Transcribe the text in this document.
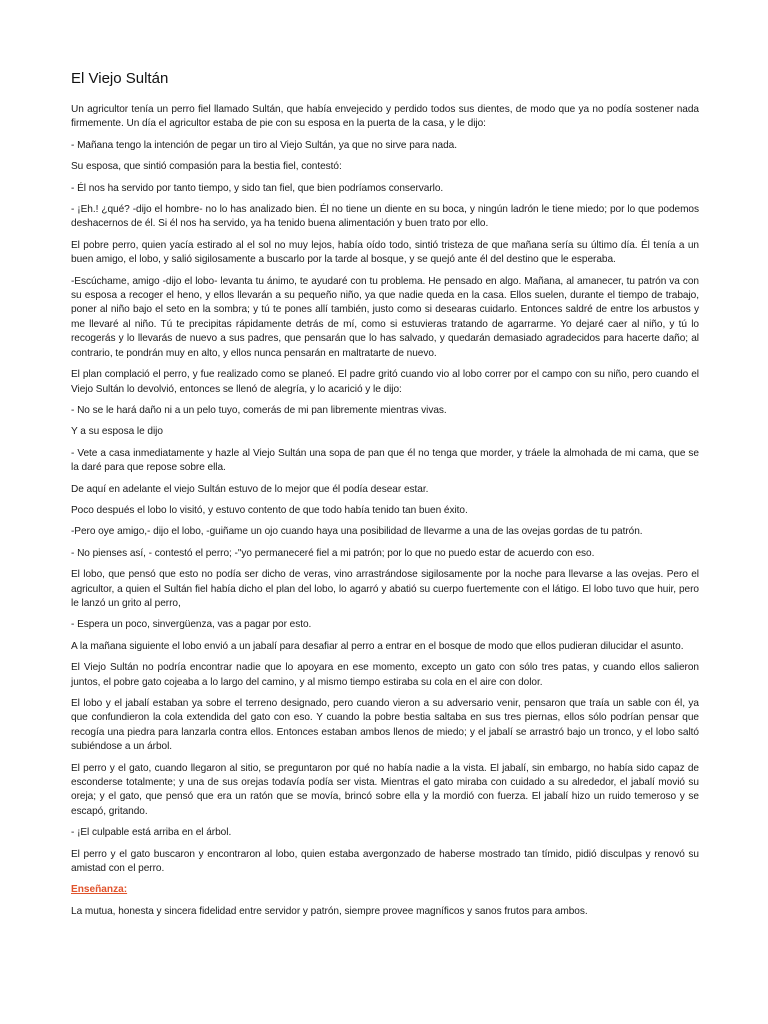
El Viejo Sultán

Un agricultor tenía un perro fiel llamado Sultán, que había envejecido y perdido todos sus dientes, de modo que ya no podía sostener nada firmemente. Un día el agricultor estaba de pie con su esposa en la puerta de la casa, y le dijo:

- Mañana tengo la intención de pegar un tiro al Viejo Sultán, ya que no sirve para nada.

Su esposa, que sintió compasión para la bestia fiel, contestó:

- Él nos ha servido por tanto tiempo, y sido tan fiel, que bien podríamos conservarlo.

- ¡Eh.! ¿qué? -dijo el hombre- no lo has analizado bien. Él no tiene un diente en su boca, y ningún ladrón le tiene miedo; por lo que podemos deshacernos de él. Si él nos ha servido, ya ha tenido buena alimentación y buen trato por ello.

El pobre perro, quien yacía estirado al el sol no muy lejos, había oído todo, sintió tristeza de que mañana sería su último día. Él tenía a un buen amigo, el lobo, y salió sigilosamente a buscarlo por la tarde al bosque, y se quejó ante él del destino que le esperaba.

-Escúchame, amigo -dijo el lobo- levanta tu ánimo, te ayudaré con tu problema. He pensado en algo. Mañana, al amanecer, tu patrón va con su esposa a recoger el heno, y ellos llevarán a su pequeño niño, ya que nadie queda en la casa. Ellos suelen, durante el tiempo de trabajo, poner al niño bajo el seto en la sombra; y tú te pones allí también, justo como si desearas cuidarlo. Entonces saldré de entre los arbustos y me llevaré al niño. Tú te precipitas rápidamente detrás de mí, como si estuvieras tratando de agarrarme. Yo dejaré caer al niño, y tú lo recogerás y lo llevarás de nuevo a sus padres, que pensarán que lo has salvado, y quedarán demasiado agradecidos para hacerte daño; al contrario, te pondrán muy en alto, y ellos nunca pensarán en maltratarte de nuevo.

El plan complació el perro, y fue realizado como se planeó. El padre gritó cuando vio al lobo correr por el campo con su niño, pero cuando el Viejo Sultán lo devolvió, entonces se llenó de alegría, y lo acarició y le dijo:

- No se le hará daño ni a un pelo tuyo, comerás de mi pan libremente mientras vivas.

Y a su esposa le dijo

- Vete a casa inmediatamente y hazle al Viejo Sultán una sopa de pan que él no tenga que morder, y tráele la almohada de mi cama, que se la daré para que repose sobre ella.

De aquí en adelante el viejo Sultán estuvo de lo mejor que él podía desear estar.

Poco después el lobo lo visitó, y estuvo contento de que todo había tenido tan buen éxito.

-Pero oye amigo,- dijo el lobo, -guiñame un ojo cuando haya una posibilidad de llevarme a una de las ovejas gordas de tu patrón.

- No pienses así, - contestó el perro; -"yo permaneceré fiel a mi patrón; por lo que no puedo estar de acuerdo con eso.

El lobo, que pensó que esto no podía ser dicho de veras, vino arrastrándose sigilosamente por la noche para llevarse a las ovejas. Pero el agricultor, a quien el Sultán fiel había dicho el plan del lobo, lo agarró y abatió su cuerpo fuertemente con el látigo. El lobo tuvo que huir, pero le lanzó un grito al perro,

- Espera un poco, sinvergüenza, vas a pagar por esto.

A la mañana siguiente el lobo envió a un jabalí para desafiar al perro a entrar en el bosque de modo que ellos pudieran dilucidar el asunto.

El Viejo Sultán no podría encontrar nadie que lo apoyara en ese momento, excepto un gato con sólo tres patas, y cuando ellos salieron juntos, el pobre gato cojeaba a lo largo del camino, y al mismo tiempo estiraba su cola en el aire con dolor.

El lobo y el jabalí estaban ya sobre el terreno designado, pero cuando vieron a su adversario venir, pensaron que traía un sable con él, ya que confundieron la cola extendida del gato con eso. Y cuando la pobre bestia saltaba en sus tres piernas, ellos sólo podrían pensar que recogía una piedra para lanzarla contra ellos. Entonces estaban ambos llenos de miedo; y el jabalí se arrastró bajo un tronco, y el lobo saltó subiéndose a un árbol.

El perro y el gato, cuando llegaron al sitio, se preguntaron por qué no había nadie a la vista. El jabalí, sin embargo, no había sido capaz de esconderse totalmente; y una de sus orejas todavía podía ser vista. Mientras el gato miraba con cuidado a su alrededor, el jabalí movió su oreja; y el gato, que pensó que era un ratón que se movía, brincó sobre ella y la mordió con fuerza. El jabalí hizo un ruido temeroso y se escapó, gritando.

- ¡El culpable está arriba en el árbol.

El perro y el gato buscaron y encontraron al lobo, quien estaba avergonzado de haberse mostrado tan tímido, pidió disculpas y renovó su amistad con el perro.

Enseñanza:

La mutua, honesta y sincera fidelidad entre servidor y patrón, siempre provee magníficos y sanos frutos para ambos.
